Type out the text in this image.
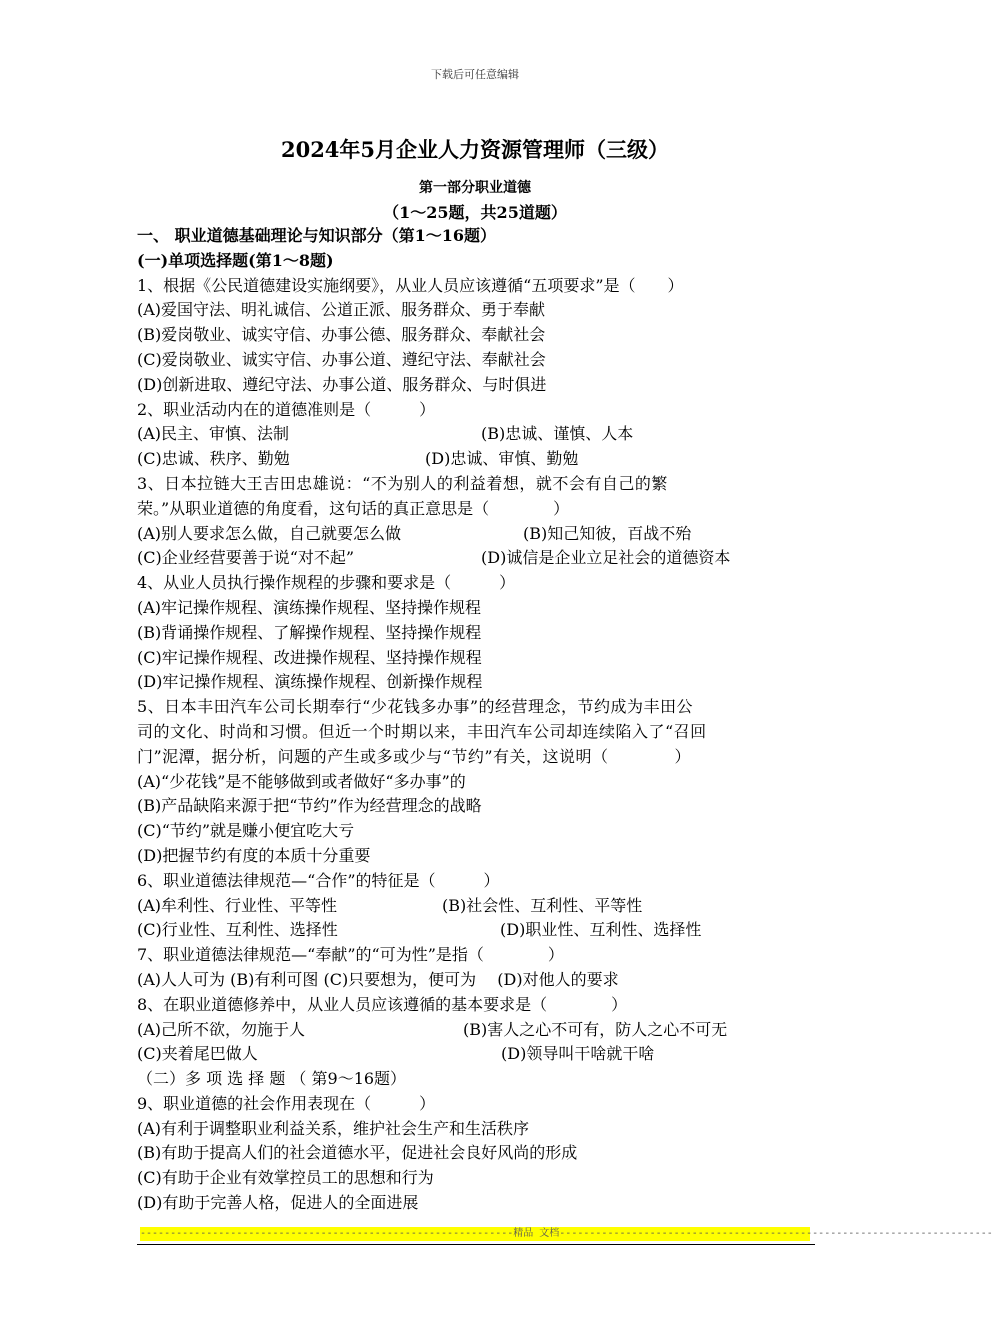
下载后可任意编辑
2024年5月企业人力资源管理师（三级）
第一部分职业道德
（1～25题，共25道题）
一、 职业道德基础理论与知识部分（第1～16题）
(一)单项选择题(第1～8题)
1、根据《公民道德建设实施纲要》，从业人员应该遵循“五项要求”是（　　）
(A)爱国守法、明礼诚信、公道正派、服务群众、勇于奉献
(B)爱岗敬业、诚实守信、办事公德、服务群众、奉献社会
(C)爱岗敬业、诚实守信、办事公道、遵纪守法、奉献社会
(D)创新进取、遵纪守法、办事公道、服务群众、与时俱进
2、职业活动内在的道德准则是（　　　）
(A)民主、审慎、法制	(B)忠诚、谨慎、人本
(C)忠诚、秩序、勤勉	(D)忠诚、审慎、勤勉
3、日本拉链大王吉田忠雄说：“不为别人的利益着想，就不会有自己的繁
荣。”从职业道德的角度看，这句话的真正意思是（　　　　）
(A)别人要求怎么做，自己就要怎么做	(B)知己知彼，百战不殆
(C)企业经营要善于说“对不起”	(D)诚信是企业立足社会的道德资本
4、从业人员执行操作规程的步骤和要求是（　　　）
(A)牢记操作规程、演练操作规程、坚持操作规程
(B)背诵操作规程、了解操作规程、坚持操作规程
(C)牢记操作规程、改进操作规程、坚持操作规程
(D)牢记操作规程、演练操作规程、创新操作规程
5、日本丰田汽车公司长期奉行“少花钱多办事”的经营理念，节约成为丰田公
司的文化、时尚和习惯。但近一个时期以来，丰田汽车公司却连续陷入了“召回
门”泥潭，据分析，问题的产生或多或少与“节约”有关，这说明（　　　　）
(A)“少花钱”是不能够做到或者做好“多办事”的
(B)产品缺陷来源于把“节约”作为经营理念的战略
(C)“节约”就是赚小便宜吃大亏
(D)把握节约有度的本质十分重要
6、职业道德法律规范—“合作”的特征是（　　　）
(A)牟利性、行业性、平等性	(B)社会性、互利性、平等性
(C)行业性、互利性、选择性	(D)职业性、互利性、选择性
7、职业道德法律规范—“奉献”的“可为性”是指（　　　　）
(A)人人可为 (B)有利可图 (C)只要想为，便可为　 (D)对他人的要求
8、在职业道德修养中，从业人员应该遵循的基本要求是（　　　　）
(A)己所不欲，勿施于人	(B)害人之心不可有，防人之心不可无
(C)夹着尾巴做人	(D)领导叫干啥就干啥
（二）多 项 选 择 题 （ 第9～16题）
9、职业道德的社会作用表现在（　　　）
(A)有利于调整职业利益关系，维护社会生产和生活秩序
(B)有助于提高人们的社会道德水平，促进社会良好风尚的形成
(C)有助于企业有效掌控员工的思想和行为
(D)有助于完善人格，促进人的全面进展
--------------------------------------------------------------精品 文档------------------------------------------------------------------------
